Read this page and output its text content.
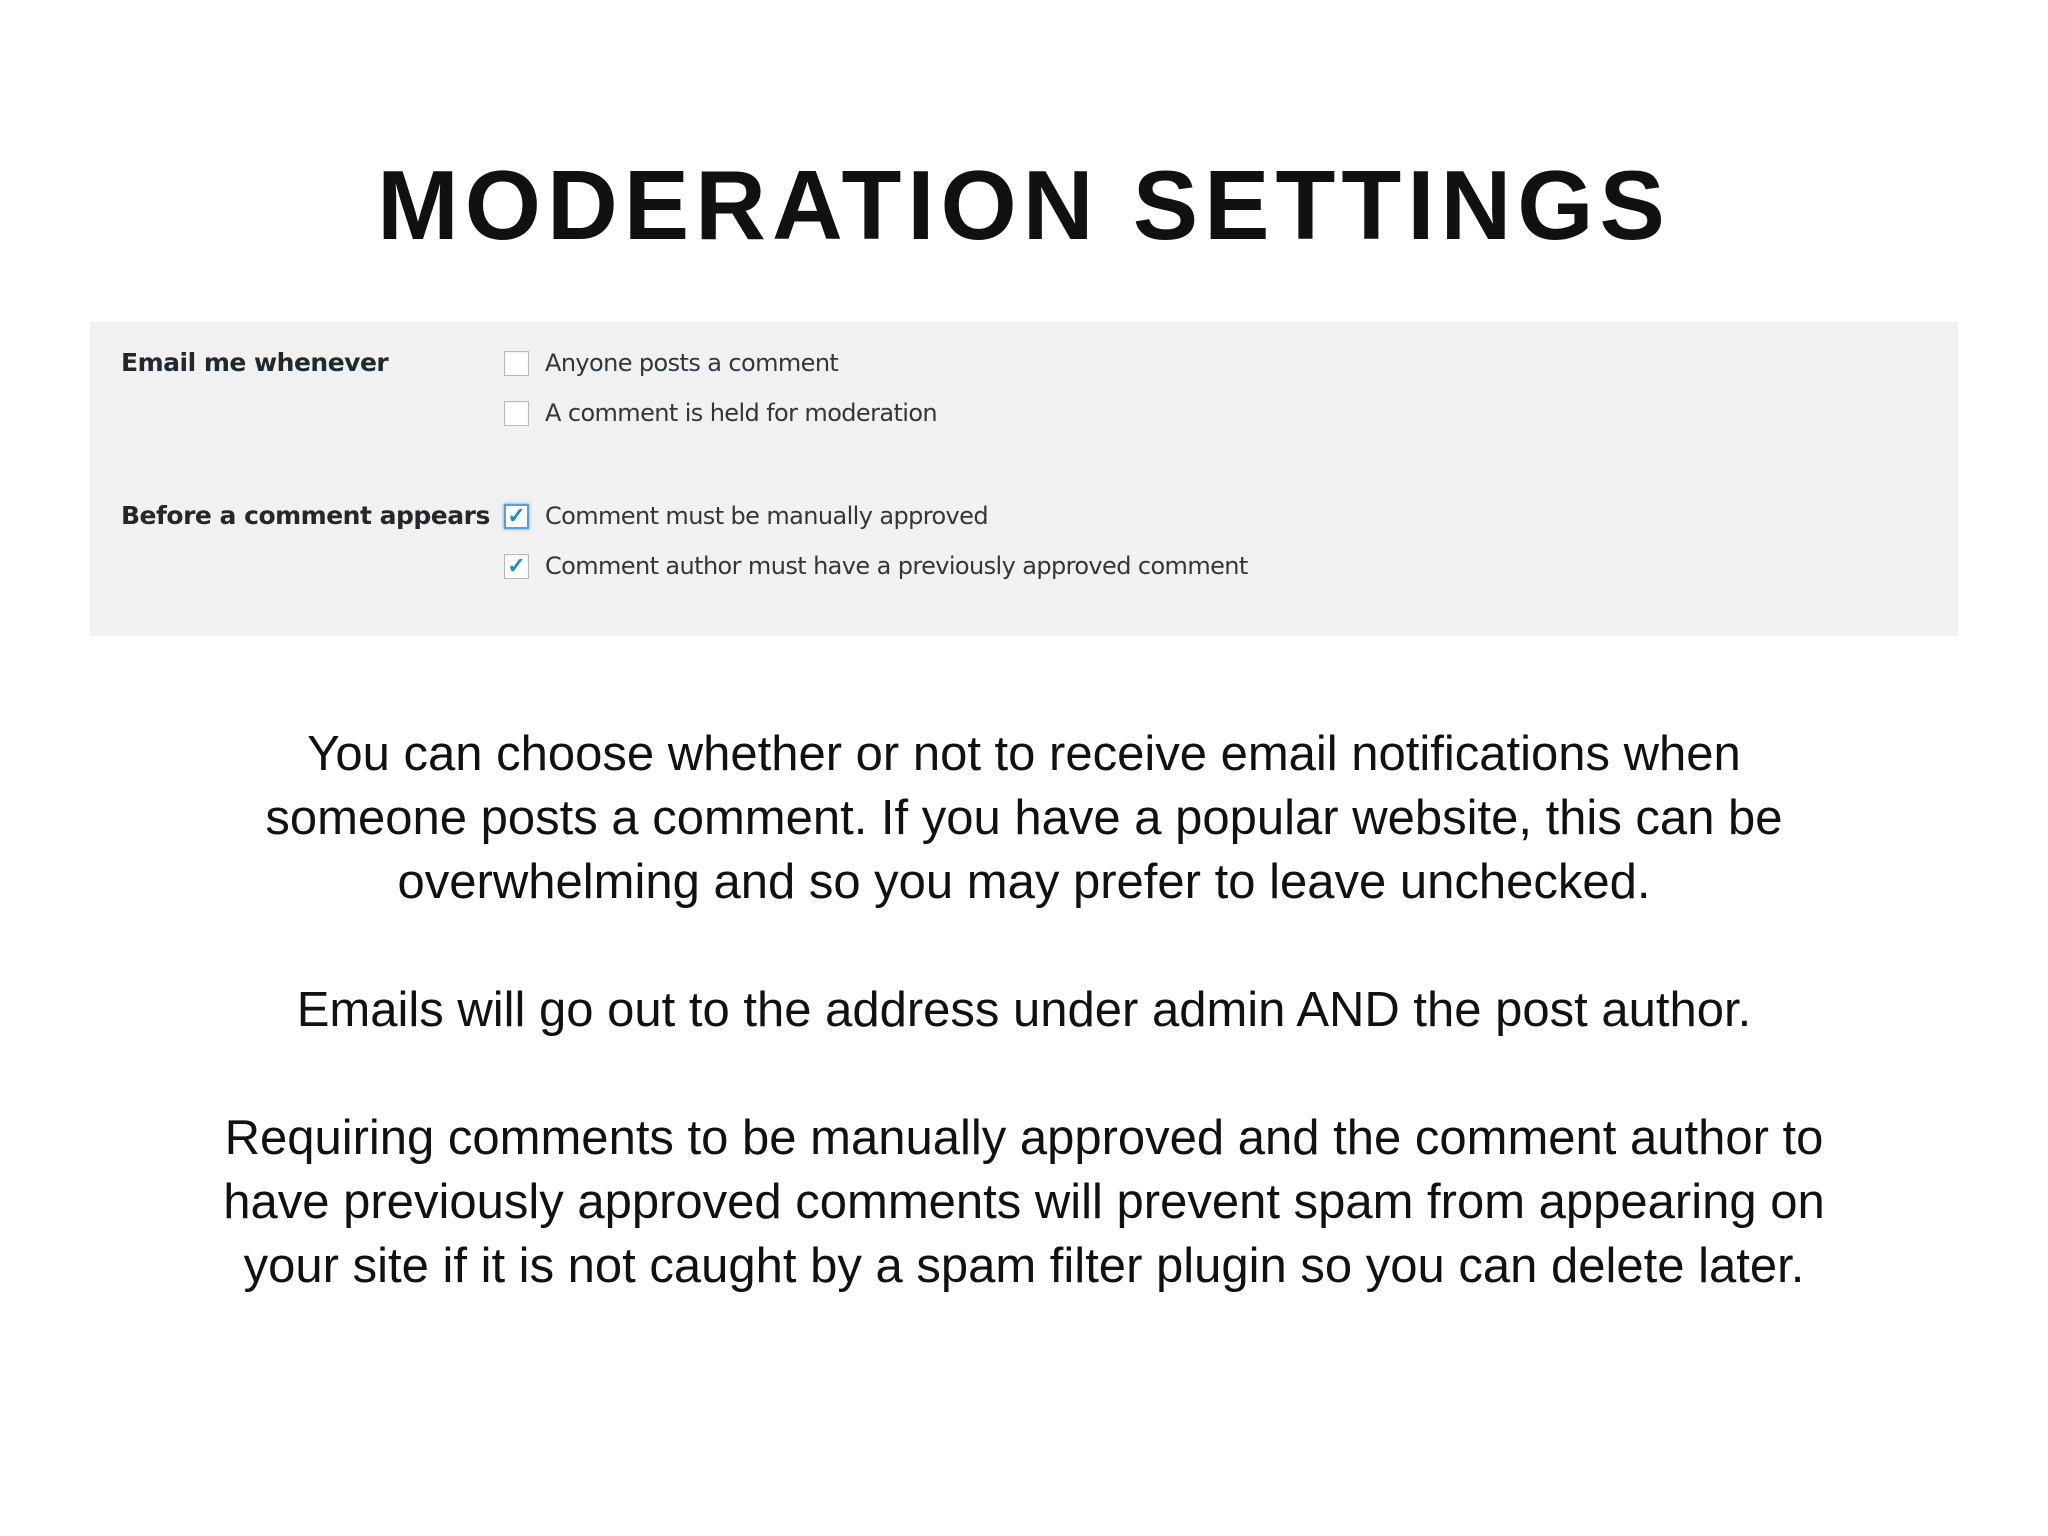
MODERATION SETTINGS
Email me whenever	Anyone posts a comment
A comment is held for moderation
Before a comment appears ✓ Comment must be manually approved
✓ Comment author must have a previously approved comment
You can choose whether or not to receive email notifications when
someone posts a comment. If you have a popular website, this can be
overwhelming and so you may prefer to leave unchecked.
Emails will go out to the address under admin AND the post author.
Requiring comments to be manually approved and the comment author to
have previously approved comments will prevent spam from appearing on
your site if it is not caught by a spam filter plugin so you can delete later.
